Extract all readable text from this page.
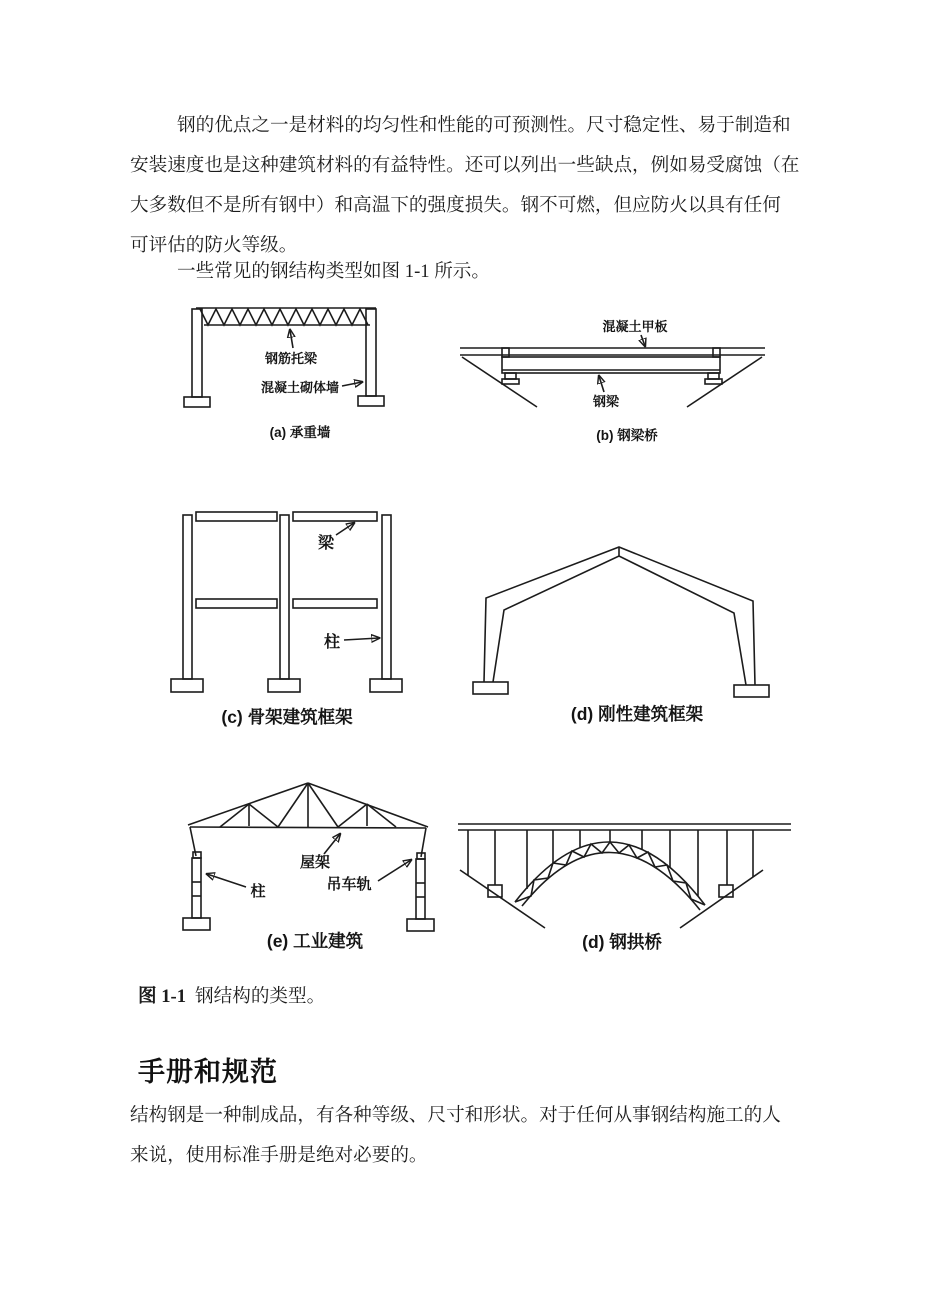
钢的优点之一是材料的均匀性和性能的可预测性。尺寸稳定性、易于制造和
安装速度也是这种建筑材料的有益特性。还可以列出一些缺点，例如易受腐蚀（在
大多数但不是所有钢中）和高温下的强度损失。钢不可燃，但应防火以具有任何
可评估的防火等级。
一些常见的钢结构类型如图 1-1 所示。
钢筋托梁
混凝土砌体墙
(a) 承重墙
混凝土甲板
钢梁
(b) 钢梁桥
梁
柱
(c) 骨架建筑框架	(d) 刚性建筑框架
屋架
吊车轨
柱
(e) 工业建筑	(d) 钢拱桥
图 1-1 钢结构的类型。
手册和规范
结构钢是一种制成品，有各种等级、尺寸和形状。对于任何从事钢结构施工的人
来说，使用标准手册是绝对必要的。
